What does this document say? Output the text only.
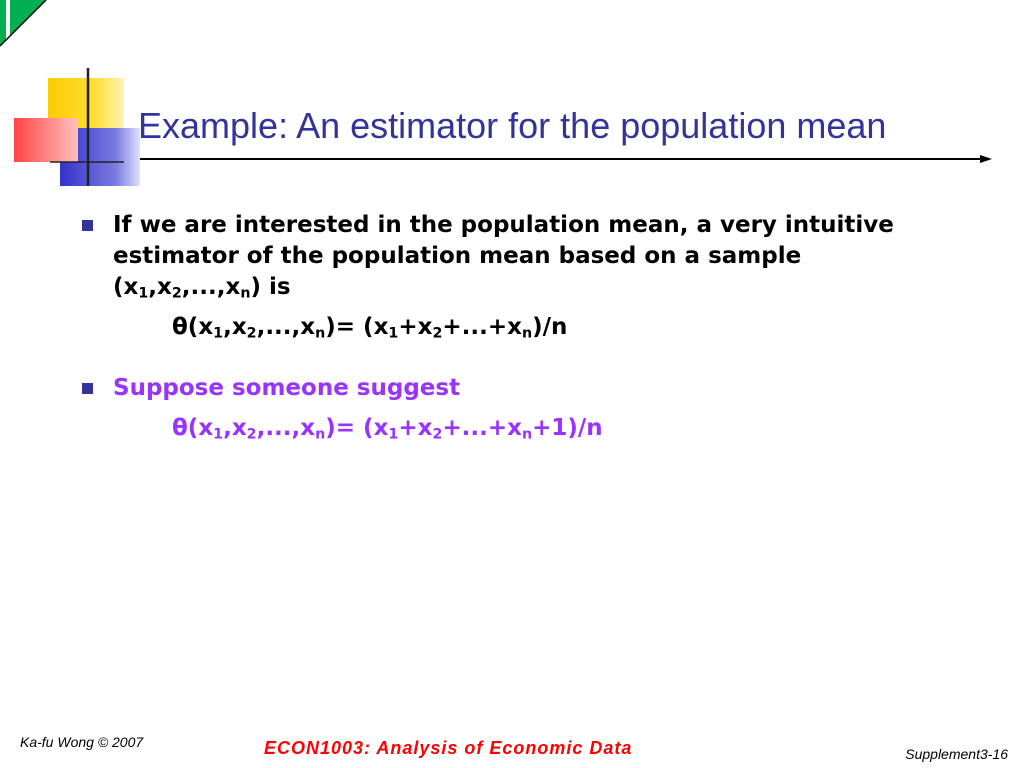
Example: An estimator for the population mean
If we are interested in the population mean, a very intuitive estimator of the population mean based on a sample $(x_1,x_2,...,x_n)$ is
$\theta(x_1,x_2,...,x_n)= (x_1+x_2+...+x_n)/n$
Suppose someone suggest
$\theta(x_1,x_2,...,x_n)= (x_1+x_2+...+x_n+1)/n$
Ka-fu Wong © 2007	ECON1003: Analysis of Economic Data	Supplement3-16
